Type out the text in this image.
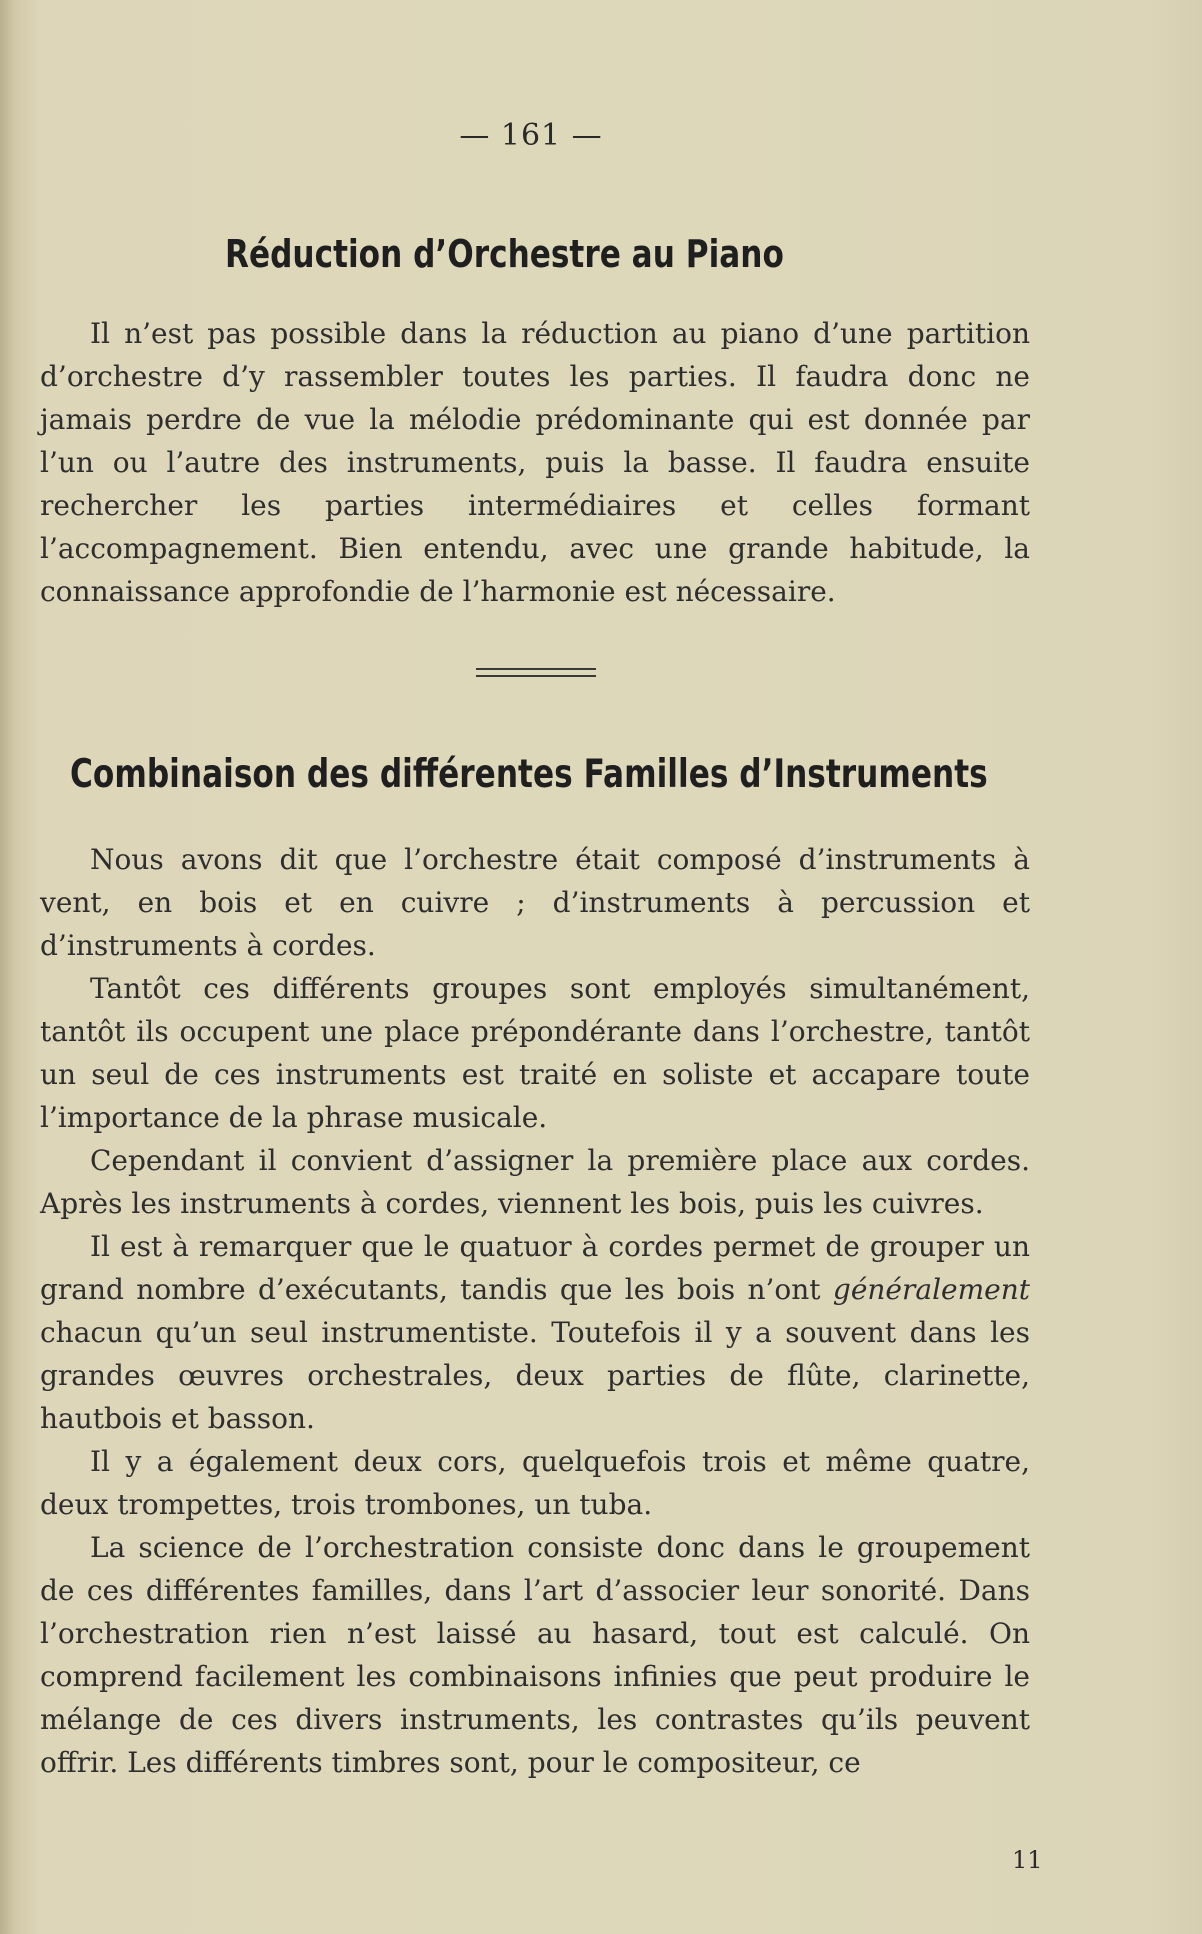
— 161 —
Réduction d’Orchestre au Piano

Il n’est pas possible dans la réduction au piano d’une partition d’orchestre d’y rassembler toutes les parties. Il faudra donc ne jamais perdre de vue la mélodie prédominante qui est donnée par l’un ou l’autre des instruments, puis la basse. Il faudra ensuite rechercher les parties intermédiaires et celles formant l’accompagnement. Bien entendu, avec une grande habitude, la connaissance approfondie de l’harmonie est nécessaire.

Combinaison des différentes Familles d’Instruments

Nous avons dit que l’orchestre était composé d’instruments à vent, en bois et en cuivre ; d’instruments à percussion et d’instruments à cordes.

Tantôt ces différents groupes sont employés simultanément, tantôt ils occupent une place prépondérante dans l’orchestre, tantôt un seul de ces instruments est traité en soliste et accapare toute l’importance de la phrase musicale.

Cependant il convient d’assigner la première place aux cordes. Après les instruments à cordes, viennent les bois, puis les cuivres.

Il est à remarquer que le quatuor à cordes permet de grouper un grand nombre d’exécutants, tandis que les bois n’ont généralement chacun qu’un seul instrumentiste. Toutefois il y a souvent dans les grandes œuvres orchestrales, deux parties de flûte, clarinette, hautbois et basson.

Il y a également deux cors, quelquefois trois et même quatre, deux trompettes, trois trombones, un tuba.

La science de l’orchestration consiste donc dans le groupement de ces différentes familles, dans l’art d’associer leur sonorité. Dans l’orchestration rien n’est laissé au hasard, tout est calculé. On comprend facilement les combinaisons infinies que peut produire le mélange de ces divers instruments, les contrastes qu’ils peuvent offrir. Les différents timbres sont, pour le compositeur, ce

11
